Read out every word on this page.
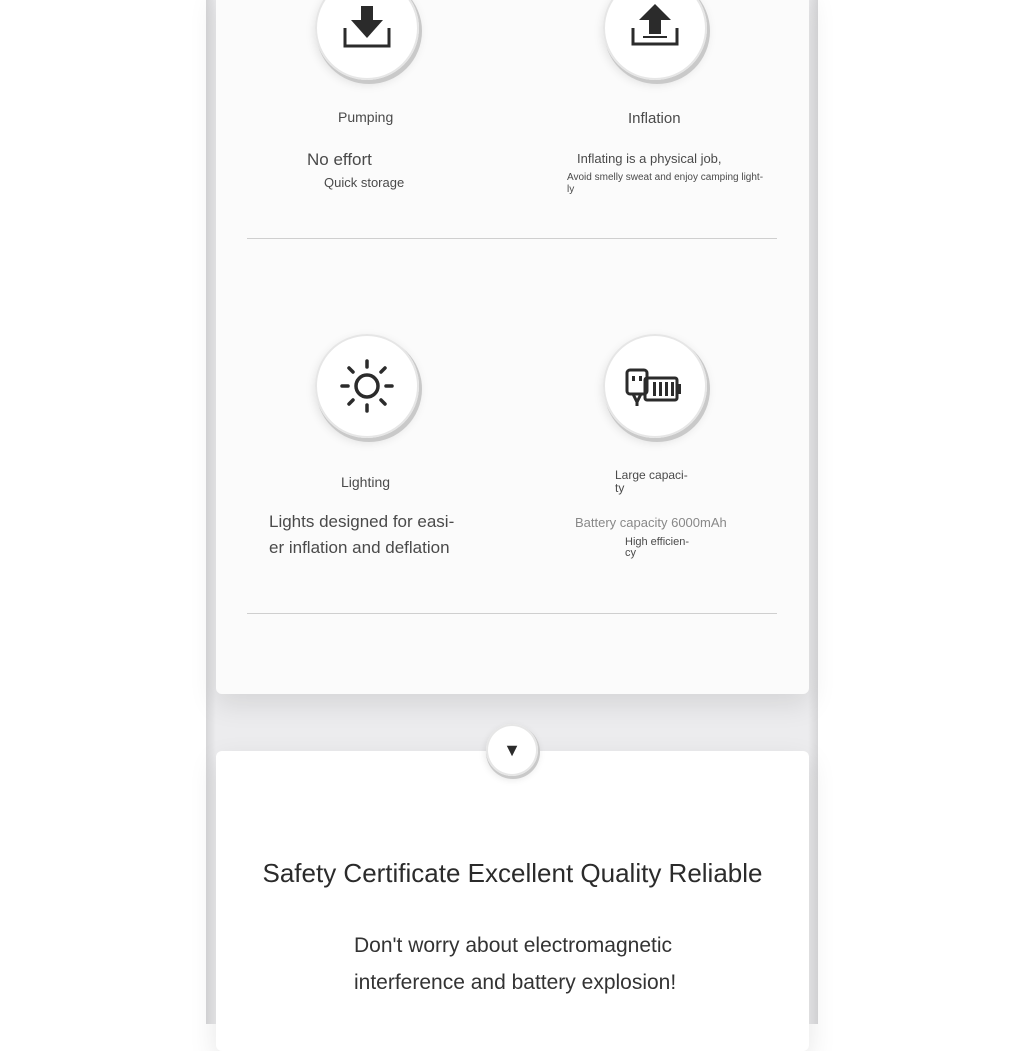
Pumping
No effort
Quick storage
Inflation
Inflating is a physical job,
Avoid smelly sweat and enjoy camping light-
ly
Lighting
Lights designed for easi-
er inflation and deflation
Large capaci-
ty
Battery capacity 6000mAh
High efficien-
cy
▼
Safety Certificate Excellent Quality Reliable
Don't worry about electromagnetic
interference and battery explosion!
